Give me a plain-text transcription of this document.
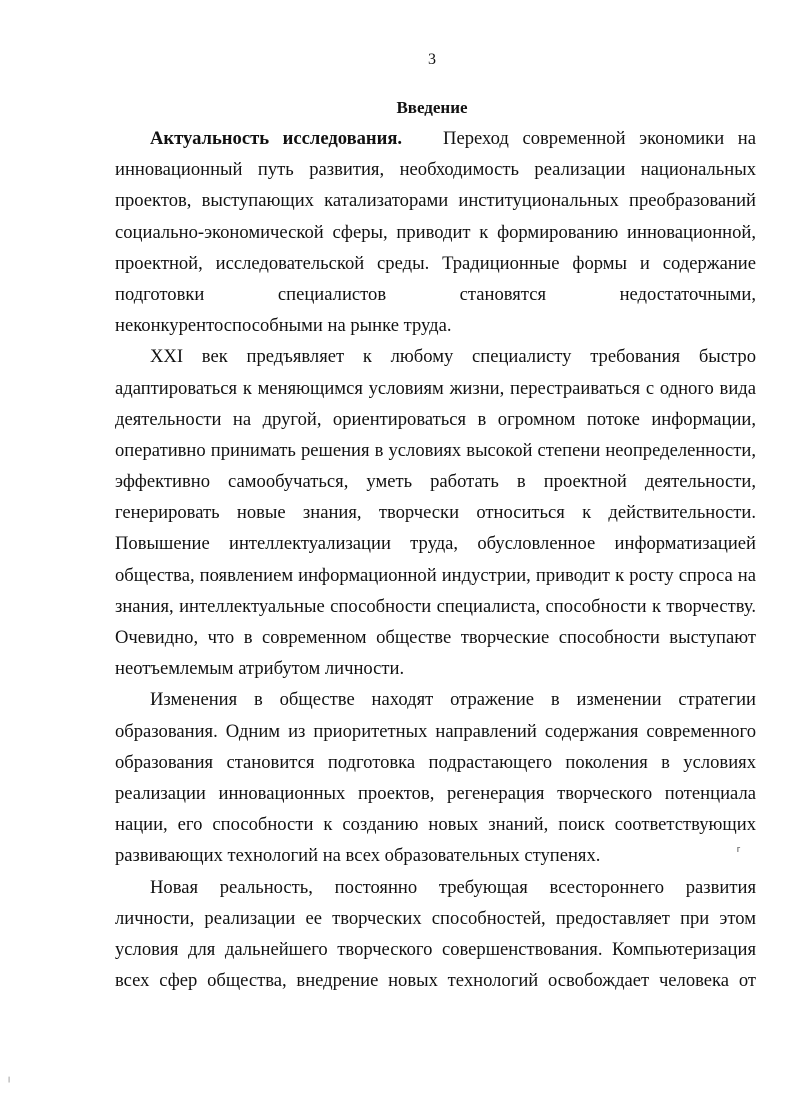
3
Введение
Актуальность исследования. Переход современной экономики на
инновационный путь развития, необходимость реализации национальных
проектов, выступающих катализаторами институциональных преобразований
социально-экономической сферы, приводит к формированию инновационной,
проектной, исследовательской среды. Традиционные формы и содержание
подготовки специалистов становятся недостаточными,
неконкурентоспособными на рынке труда.
XXI век предъявляет к любому специалисту требования быстро
адаптироваться к меняющимся условиям жизни, перестраиваться с одного вида
деятельности на другой, ориентироваться в огромном потоке информации,
оперативно принимать решения в условиях высокой степени неопределенности,
эффективно самообучаться, уметь работать в проектной деятельности,
генерировать новые знания, творчески относиться к действительности.
Повышение интеллектуализации труда, обусловленное информатизацией
общества, появлением информационной индустрии, приводит к росту спроса на
знания, интеллектуальные способности специалиста, способности к творчеству.
Очевидно, что в современном обществе творческие способности выступают
неотъемлемым атрибутом личности.
Изменения в обществе находят отражение в изменении стратегии
образования. Одним из приоритетных направлений содержания современного
образования становится подготовка подрастающего поколения в условиях
реализации инновационных проектов, регенерация творческого потенциала
нации, его способности к созданию новых знаний, поиск соответствующих
развивающих технологий на всех образовательных ступенях.
Новая реальность, постоянно требующая всестороннего развития
личности, реализации ее творческих способностей, предоставляет при этом
условия для дальнейшего творческого совершенствования. Компьютеризация
всех сфер общества, внедрение новых технологий освобождает человека от
⸢
╵
